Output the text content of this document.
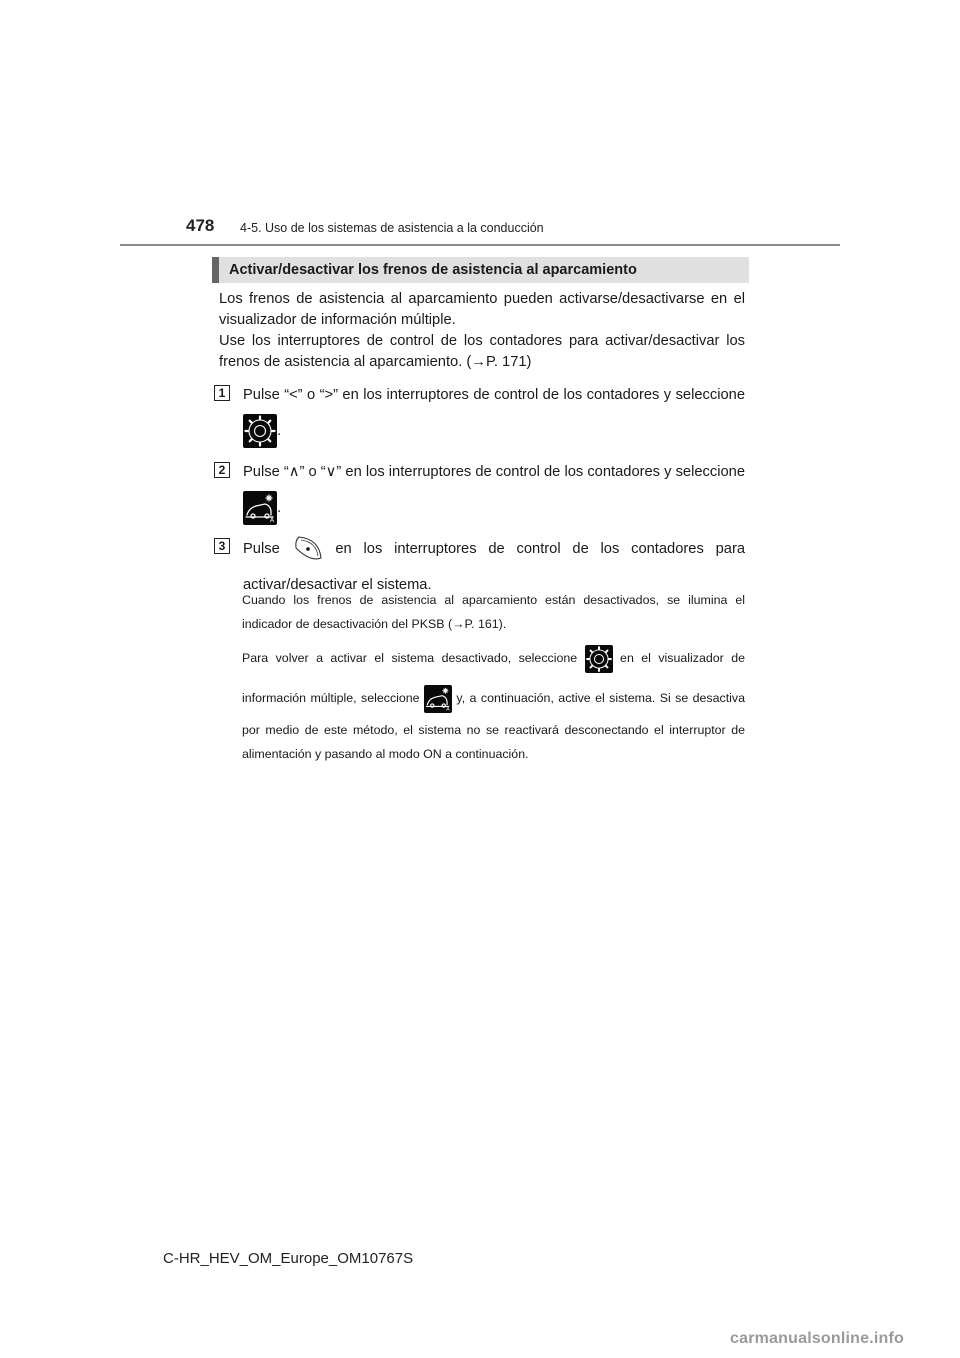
478 4-5. Uso de los sistemas de asistencia a la conducción
Activar/desactivar los frenos de asistencia al aparcamiento

Los frenos de asistencia al aparcamiento pueden activarse/desactivarse en el visualizador de información múltiple.

Use los interruptores de control de los contadores para activar/desactivar los frenos de asistencia al aparcamiento. (→P. 171)

1	Pulse “<” o “>” en los interruptores de control de los contadores y seleccione
.
2	Pulse “∧” o “∨” en los interruptores de control de los contadores y seleccione
A
.
3	Pulse  en los interruptores de control de los contadores para activar/desactivar el sistema.
Cuando los frenos de asistencia al aparcamiento están desactivados, se ilumina el indicador de desactivación del PKSB (→P. 161).
Para volver a activar el sistema desactivado, seleccione	en el visualizador de información múltiple, seleccione
A
y, a continuación, active el sistema. Si se desactiva por medio de este método, el sistema no se reactivará desconectando el interruptor de alimentación y pasando al modo ON a continuación.
C-HR_HEV_OM_Europe_OM10767S
carmanualsonline.info
